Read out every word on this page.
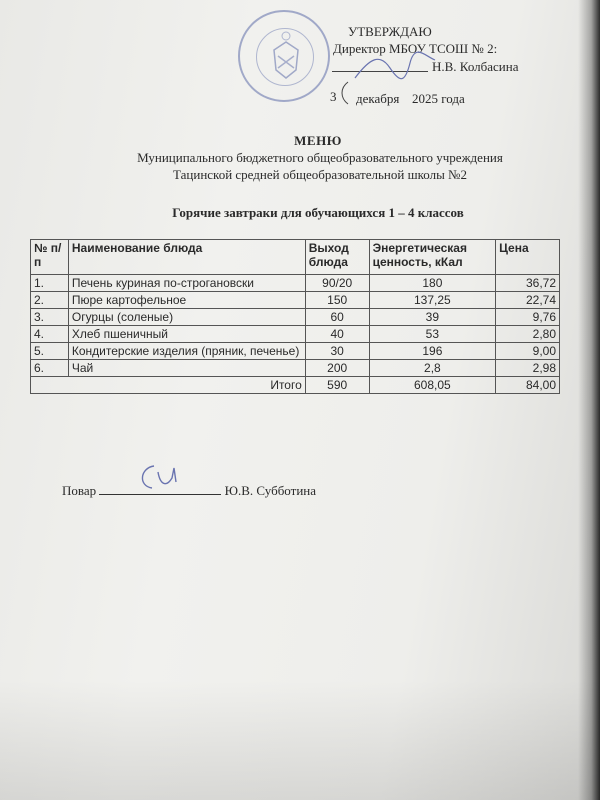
УТВЕРЖДАЮ
Директор МБОУ ТСОШ № 2:
Н.В. Колбасина
3 декабря 2025 года
МЕНЮ
Муниципального бюджетного общеобразовательного учреждения
Тацинской средней общеобразовательной школы №2
Горячие завтраки для обучающихся 1 – 4 классов
№ п/п	Наименование блюда	Выход блюда	Энергетическая ценность, кКал	Цена
1.	Печень куриная по-строгановски	90/20	180	36,72
2.	Пюре картофельное	150	137,25	22,74
3.	Огурцы (соленые)	60	39	9,76
4.	Хлеб пшеничный	40	53	2,80
5.	Кондитерские изделия (пряник, печенье)	30	196	9,00
6.	Чай	200	2,8	2,98
Итого		590	608,05	84,00
Повар	Ю.В. Субботина
